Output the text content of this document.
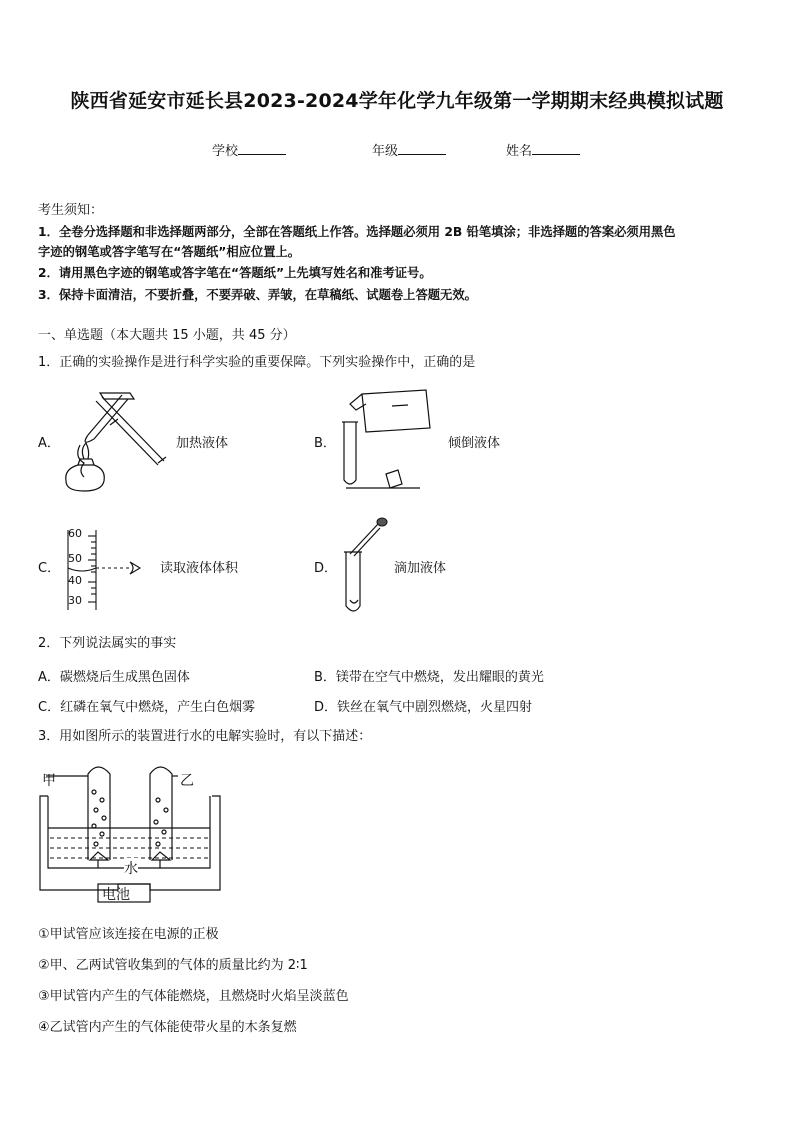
陕西省延安市延长县2023-2024学年化学九年级第一学期期末经典模拟试题
学校	年级	姓名
考生须知：
1．全卷分选择题和非选择题两部分，全部在答题纸上作答。选择题必须用 2B 铅笔填涂；非选择题的答案必须用黑色
字迹的钢笔或答字笔写在“答题纸”相应位置上。
2．请用黑色字迹的钢笔或答字笔在“答题纸”上先填写姓名和准考证号。
3．保持卡面清洁，不要折叠，不要弄破、弄皱，在草稿纸、试题卷上答题无效。
一、单选题（本大题共 15 小题，共 45 分）
1．正确的实验操作是进行科学实验的重要保障。下列实验操作中，正确的是
A．	加热液体	B．	倾倒液体
C．
60
50
40
30
读取液体体积	D．	滴加液体
2．下列说法属实的事实
A．碳燃烧后生成黑色固体	B．镁带在空气中燃烧，发出耀眼的黄光
C．红磷在氧气中燃烧，产生白色烟雾	D．铁丝在氧气中剧烈燃烧，火星四射
3．用如图所示的装置进行水的电解实验时，有以下描述：
甲	乙
水
电池
①甲试管应该连接在电源的正极
②甲、乙两试管收集到的气体的质量比约为 2∶1
③甲试管内产生的气体能燃烧，且燃烧时火焰呈淡蓝色
④乙试管内产生的气体能使带火星的木条复燃
